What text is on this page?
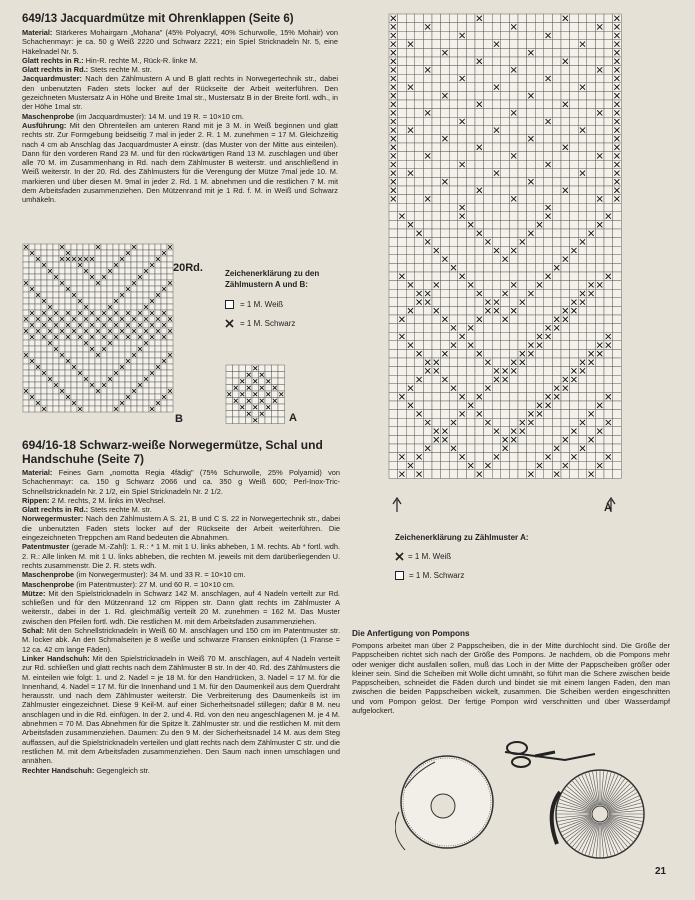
649/13 Jacquardmütze mit Ohrenklappen (Seite 6)

Material: Stärkeres Mohairgarn „Mohana" (45% Polyacryl, 40% Schurwolle, 15% Mohair) von Schachenmayr: je ca. 50 g Weiß 2220 und Schwarz 2221; ein Spiel Stricknadeln Nr. 5, eine Häkelnadel Nr. 5.

Glatt rechts in R.: Hin-R. rechte M., Rück-R. linke M.

Glatt rechts in Rd.: Stets rechte M. str.

Jacquardmuster: Nach den Zählmustern A und B glatt rechts in Norwegertechnik str., dabei den unbenutzten Faden stets locker auf der Rückseite der Arbeit weiterführen. Den gezeichneten Mustersatz A in Höhe und Breite 1mal str., Mustersatz B in der Breite fortl. wdh., in der Höhe 1mal str.

Maschenprobe (im Jacquardmuster): 14 M. und 19 R. = 10×10 cm.

Ausführung: Mit den Ohrenteilen am unteren Rand mit je 3 M. in Weiß beginnen und glatt rechts str. Zur Formgebung beidseitig 7 mal in jeder 2. R. 1 M. zunehmen = 17 M. Gleichzeitig nach 4 cm ab Anschlag das Jacquardmuster A einstr. (das Muster von der Mitte aus einteilen). Dann für den vorderen Rand 23 M. und für den rückwärtigen Rand 13 M. zuschlagen und über alle 70 M. im Zusammenhang in Rd. nach dem Zählmuster B weiterstr. und anschließend in Weiß weiterstr. In der 20. Rd. des Zählmusters für die Verengung der Mütze 7mal jede 10. M. markieren und über diesen M. 9mal in jeder 2. Rd. 1 M. abnehmen und die restlichen 7 M. mit dem Arbeitsfaden zusammenziehen. Den Mützenrand mit je 1 Rd. f. M. in Weiß und Schwarz umhäkeln.

20Rd.
B	A
Zeichenerklärung zu den Zählmustern A und B:
= 1 M. Weiß
= 1 M. Schwarz
694/16-18 Schwarz-weiße Norwegermütze, Schal und Handschuhe (Seite 7)

Material: Feines Garn „nomotta Regia 4fädig" (75% Schurwolle, 25% Polyamid) von Schachenmayr: ca. 150 g Schwarz 2066 und ca. 350 g Weiß 600; Perl-Inox-Tric-Schnellstricknadeln Nr. 2 1/2, ein Spiel Stricknadeln Nr. 2 1/2.

Rippen: 2 M. rechts, 2 M. links im Wechsel.

Glatt rechts in Rd.: Stets rechte M. str.

Norwegermuster: Nach den Zählmustern A S. 21, B und C S. 22 in Norwegertechnik str., dabei die unbenutzten Faden stets locker auf der Rückseite der Arbeit weiterführen. Die eingezeichneten Treppchen am Rand bedeuten die Abnahmen.

Patentmuster (gerade M.-Zahl): 1. R.: * 1 M. mit 1 U. links abheben, 1 M. rechts. Ab * fortl. wdh. 2. R.: Alle linken M. mit 1 U. links abheben, die rechten M. jeweils mit dem darüberliegenden U. rechts zusammenstr. Die 2. R. stets wdh.

Maschenprobe (im Norwegermuster): 34 M. und 33 R. = 10×10 cm.

Maschenprobe (im Patentmuster): 27 M. und 60 R. = 10×10 cm.

Mütze: Mit den Spielstricknadeln in Schwarz 142 M. anschlagen, auf 4 Nadeln verteilt zur Rd. schließen und für den Mützenrand 12 cm Rippen str. Dann glatt rechts im Zählmuster A weiterstr., dabei in der 1. Rd. gleichmäßig verteilt 20 M. zunehmen = 162 M. Das Muster zwischen den Pfeilen fortl. wdh. Die restlichen M. mit dem Arbeitsfaden zusammenziehen.

Schal: Mit den Schnellstricknadeln in Weiß 60 M. anschlagen und 150 cm im Patentmuster str. M. locker abk. An den Schmalseiten je 8 weiße und schwarze Fransen einknüpfen (1 Franse = 12 ca. 42 cm lange Fäden).

Linker Handschuh: Mit den Spielstricknadeln in Weiß 70 M. anschlagen, auf 4 Nadeln verteilt zur Rd. schließen und glatt rechts nach dem Zählmuster B str. In der 40. Rd. des Zählmusters die M. einteilen wie folgt: 1. und 2. Nadel = je 18 M. für den Handrücken, 3. Nadel = 17 M. für die Innenhand, 4. Nadel = 17 M. für die Innenhand und 1 M. für den Daumenkeil aus dem Querdraht herausstr. und nach dem Zählmuster weiterstr. Die Verbreiterung des Daumenkeils ist im Zählmuster eingezeichnet. Diese 9 Keil-M. auf einer Sicherheitsnadel stillegen; dafür 8 M. neu anschlagen und in die Rd. einfügen. In der 2. und 4. Rd. von den neu angeschlagenen M. je 4 M. abnehmen = 70 M. Das Abnehmen für die Spitze lt. Zählmuster str. und die restlichen M. mit dem Arbeitsfaden zusammenziehen. Daumen: Zu den 9 M. der Sicherheitsnadel 14 M. aus dem Steg auffassen, auf die Spielstricknadeln verteilen und glatt rechts nach dem Zählmuster C str. und die restlichen M. mit dem Arbeitsfaden zusammenziehen. Den Saum nach innen umschlagen und annähen.

Rechter Handschuh: Gegengleich str.

A
Zeichenerklärung zu Zählmuster A:
= 1 M. Weiß
= 1 M. Schwarz
Die Anfertigung von Pompons

Pompons arbeitet man über 2 Pappscheiben, die in der Mitte durchlocht sind. Die Größe der Pappscheiben richtet sich nach der Größe des Pompons. Je nachdem, ob die Pompons mehr oder weniger dicht ausfallen sollen, muß das Loch in der Mitte der Pappscheiben größer oder kleiner sein. Sind die Scheiben mit Wolle dicht umnäht, so führt man die Schere zwischen beide Pappscheiben, schneidet die Fäden durch und bindet sie mit einem langen Faden, den man zwischen die beiden Pappscheiben wickelt, zusammen. Die Scheiben werden eingeschnitten und vom Pompon gelöst. Der fertige Pompon wird verschnitten und über Wasserdampf aufgelockert.

21
